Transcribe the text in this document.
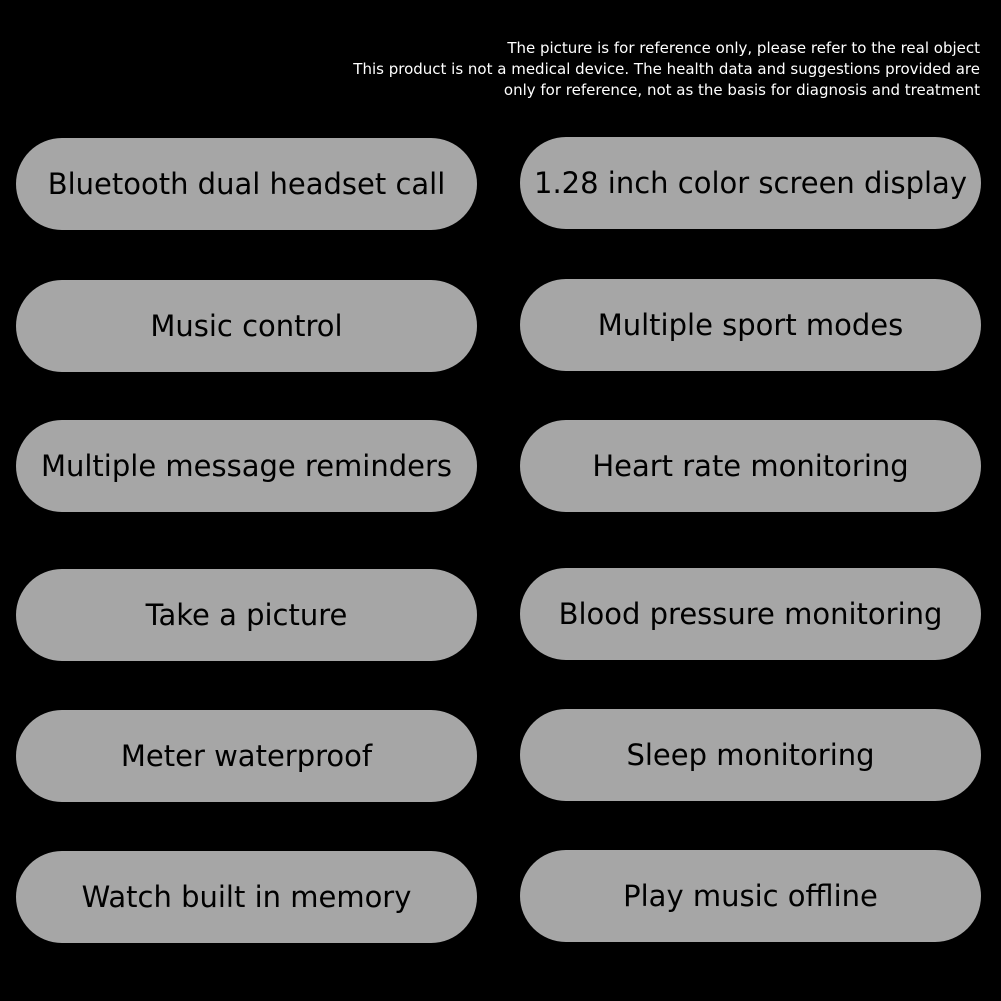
The picture is for reference only, please refer to the real object
This product is not a medical device. The health data and suggestions provided are
only for reference, not as the basis for diagnosis and treatment
Bluetooth dual headset call	1.28 inch color screen display
Music control	Multiple sport modes
Multiple message reminders	Heart rate monitoring
Take a picture	Blood pressure monitoring
Meter waterproof	Sleep monitoring
Watch built in memory	Play music offline
